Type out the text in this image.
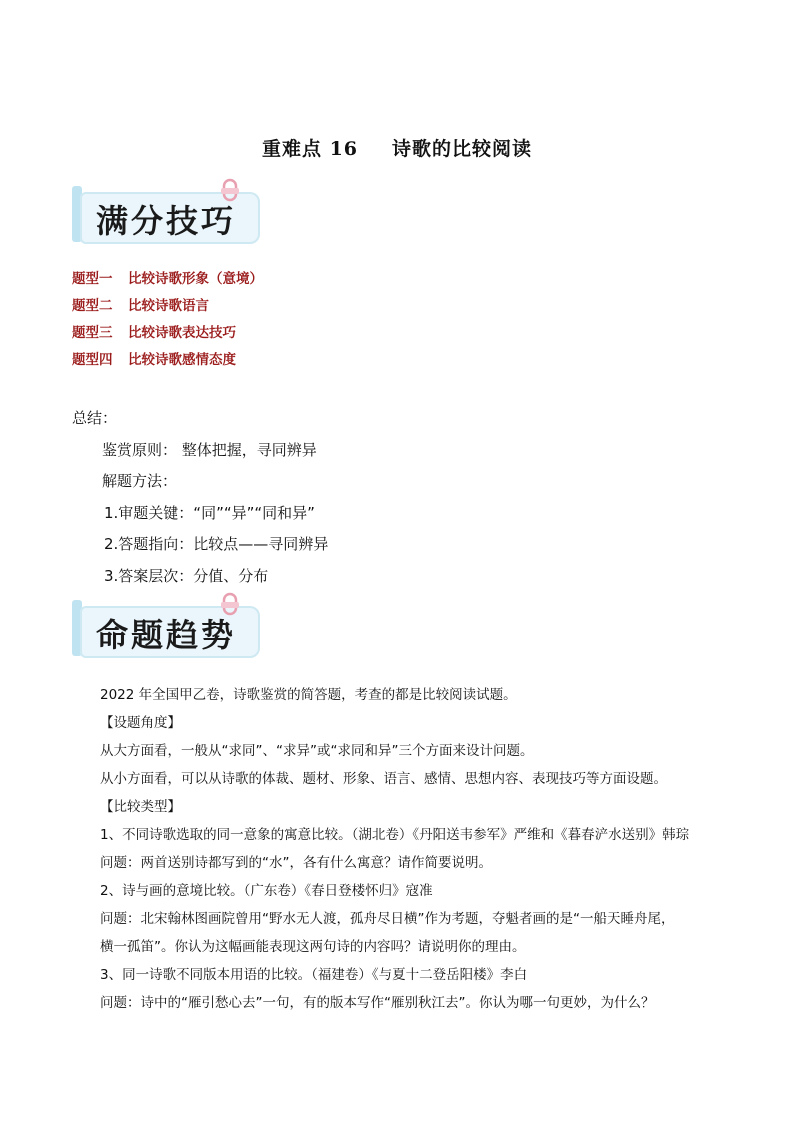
重难点 16 诗歌的比较阅读
满分技巧
题型一 比较诗歌形象（意境）
题型二 比较诗歌语言
题型三 比较诗歌表达技巧
题型四 比较诗歌感情态度
总结：
鉴赏原则： 整体把握，寻同辨异
解题方法：
1.审题关键：“同”“异”“同和异”
2.答题指向：比较点——寻同辨异
3.答案层次：分值、分布
命题趋势
2022 年全国甲乙卷，诗歌鉴赏的简答题，考查的都是比较阅读试题。
【设题角度】
从大方面看，一般从“求同”、“求异”或“求同和异”三个方面来设计问题。
从小方面看，可以从诗歌的体裁、题材、形象、语言、感情、思想内容、表现技巧等方面设题。
【比较类型】
1、不同诗歌选取的同一意象的寓意比较。（湖北卷）《丹阳送韦参军》严维和《暮春浐水送别》韩琮
问题：两首送别诗都写到的“水”，各有什么寓意？请作简要说明。
2、诗与画的意境比较。（广东卷）《春日登楼怀归》寇准
问题：北宋翰林图画院曾用“野水无人渡，孤舟尽日横”作为考题，夺魁者画的是“一船天睡舟尾，
横一孤笛”。你认为这幅画能表现这两句诗的内容吗？请说明你的理由。
3、同一诗歌不同版本用语的比较。（福建卷）《与夏十二登岳阳楼》李白
问题：诗中的“雁引愁心去”一句，有的版本写作“雁别秋江去”。你认为哪一句更妙，为什么？
